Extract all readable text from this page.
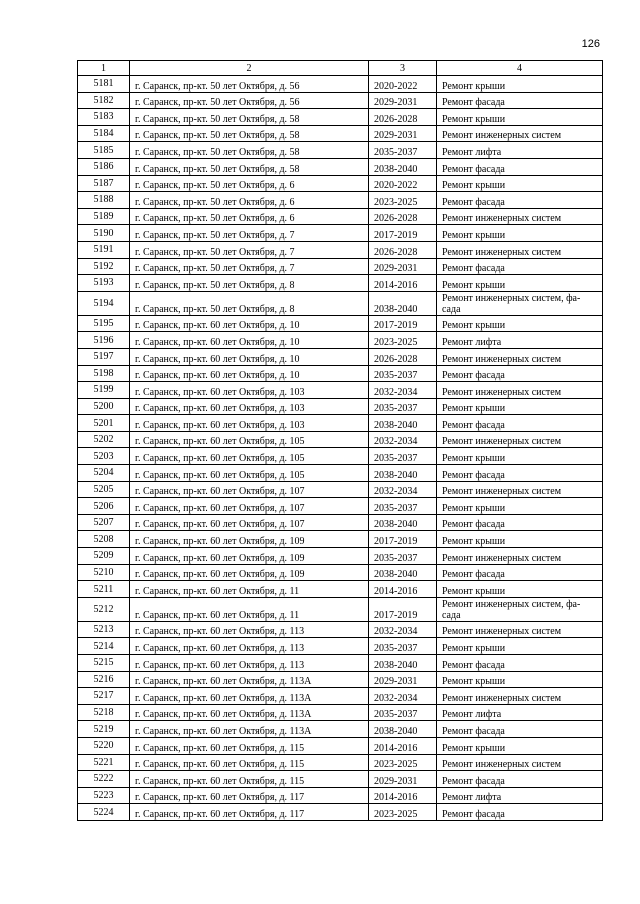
126
1	2	3	4
5181	г. Саранск, пр-кт. 50 лет Октября, д. 56	2020-2022	Ремонт крыши
5182	г. Саранск, пр-кт. 50 лет Октября, д. 56	2029-2031	Ремонт фасада
5183	г. Саранск, пр-кт. 50 лет Октября, д. 58	2026-2028	Ремонт крыши
5184	г. Саранск, пр-кт. 50 лет Октября, д. 58	2029-2031	Ремонт инженерных систем
5185	г. Саранск, пр-кт. 50 лет Октября, д. 58	2035-2037	Ремонт лифта
5186	г. Саранск, пр-кт. 50 лет Октября, д. 58	2038-2040	Ремонт фасада
5187	г. Саранск, пр-кт. 50 лет Октября, д. 6	2020-2022	Ремонт крыши
5188	г. Саранск, пр-кт. 50 лет Октября, д. 6	2023-2025	Ремонт фасада
5189	г. Саранск, пр-кт. 50 лет Октября, д. 6	2026-2028	Ремонт инженерных систем
5190	г. Саранск, пр-кт. 50 лет Октября, д. 7	2017-2019	Ремонт крыши
5191	г. Саранск, пр-кт. 50 лет Октября, д. 7	2026-2028	Ремонт инженерных систем
5192	г. Саранск, пр-кт. 50 лет Октября, д. 7	2029-2031	Ремонт фасада
5193	г. Саранск, пр-кт. 50 лет Октября, д. 8	2014-2016	Ремонт крыши
5194	г. Саранск, пр-кт. 50 лет Октября, д. 8	2038-2040	Ремонт инженерных систем, фа-сада
5195	г. Саранск, пр-кт. 60 лет Октября, д. 10	2017-2019	Ремонт крыши
5196	г. Саранск, пр-кт. 60 лет Октября, д. 10	2023-2025	Ремонт лифта
5197	г. Саранск, пр-кт. 60 лет Октября, д. 10	2026-2028	Ремонт инженерных систем
5198	г. Саранск, пр-кт. 60 лет Октября, д. 10	2035-2037	Ремонт фасада
5199	г. Саранск, пр-кт. 60 лет Октября, д. 103	2032-2034	Ремонт инженерных систем
5200	г. Саранск, пр-кт. 60 лет Октября, д. 103	2035-2037	Ремонт крыши
5201	г. Саранск, пр-кт. 60 лет Октября, д. 103	2038-2040	Ремонт фасада
5202	г. Саранск, пр-кт. 60 лет Октября, д. 105	2032-2034	Ремонт инженерных систем
5203	г. Саранск, пр-кт. 60 лет Октября, д. 105	2035-2037	Ремонт крыши
5204	г. Саранск, пр-кт. 60 лет Октября, д. 105	2038-2040	Ремонт фасада
5205	г. Саранск, пр-кт. 60 лет Октября, д. 107	2032-2034	Ремонт инженерных систем
5206	г. Саранск, пр-кт. 60 лет Октября, д. 107	2035-2037	Ремонт крыши
5207	г. Саранск, пр-кт. 60 лет Октября, д. 107	2038-2040	Ремонт фасада
5208	г. Саранск, пр-кт. 60 лет Октября, д. 109	2017-2019	Ремонт крыши
5209	г. Саранск, пр-кт. 60 лет Октября, д. 109	2035-2037	Ремонт инженерных систем
5210	г. Саранск, пр-кт. 60 лет Октября, д. 109	2038-2040	Ремонт фасада
5211	г. Саранск, пр-кт. 60 лет Октября, д. 11	2014-2016	Ремонт крыши
5212	г. Саранск, пр-кт. 60 лет Октября, д. 11	2017-2019	Ремонт инженерных систем, фа-сада
5213	г. Саранск, пр-кт. 60 лет Октября, д. 113	2032-2034	Ремонт инженерных систем
5214	г. Саранск, пр-кт. 60 лет Октября, д. 113	2035-2037	Ремонт крыши
5215	г. Саранск, пр-кт. 60 лет Октября, д. 113	2038-2040	Ремонт фасада
5216	г. Саранск, пр-кт. 60 лет Октября, д. 113А	2029-2031	Ремонт крыши
5217	г. Саранск, пр-кт. 60 лет Октября, д. 113А	2032-2034	Ремонт инженерных систем
5218	г. Саранск, пр-кт. 60 лет Октября, д. 113А	2035-2037	Ремонт лифта
5219	г. Саранск, пр-кт. 60 лет Октября, д. 113А	2038-2040	Ремонт фасада
5220	г. Саранск, пр-кт. 60 лет Октября, д. 115	2014-2016	Ремонт крыши
5221	г. Саранск, пр-кт. 60 лет Октября, д. 115	2023-2025	Ремонт инженерных систем
5222	г. Саранск, пр-кт. 60 лет Октября, д. 115	2029-2031	Ремонт фасада
5223	г. Саранск, пр-кт. 60 лет Октября, д. 117	2014-2016	Ремонт лифта
5224	г. Саранск, пр-кт. 60 лет Октября, д. 117	2023-2025	Ремонт фасада
